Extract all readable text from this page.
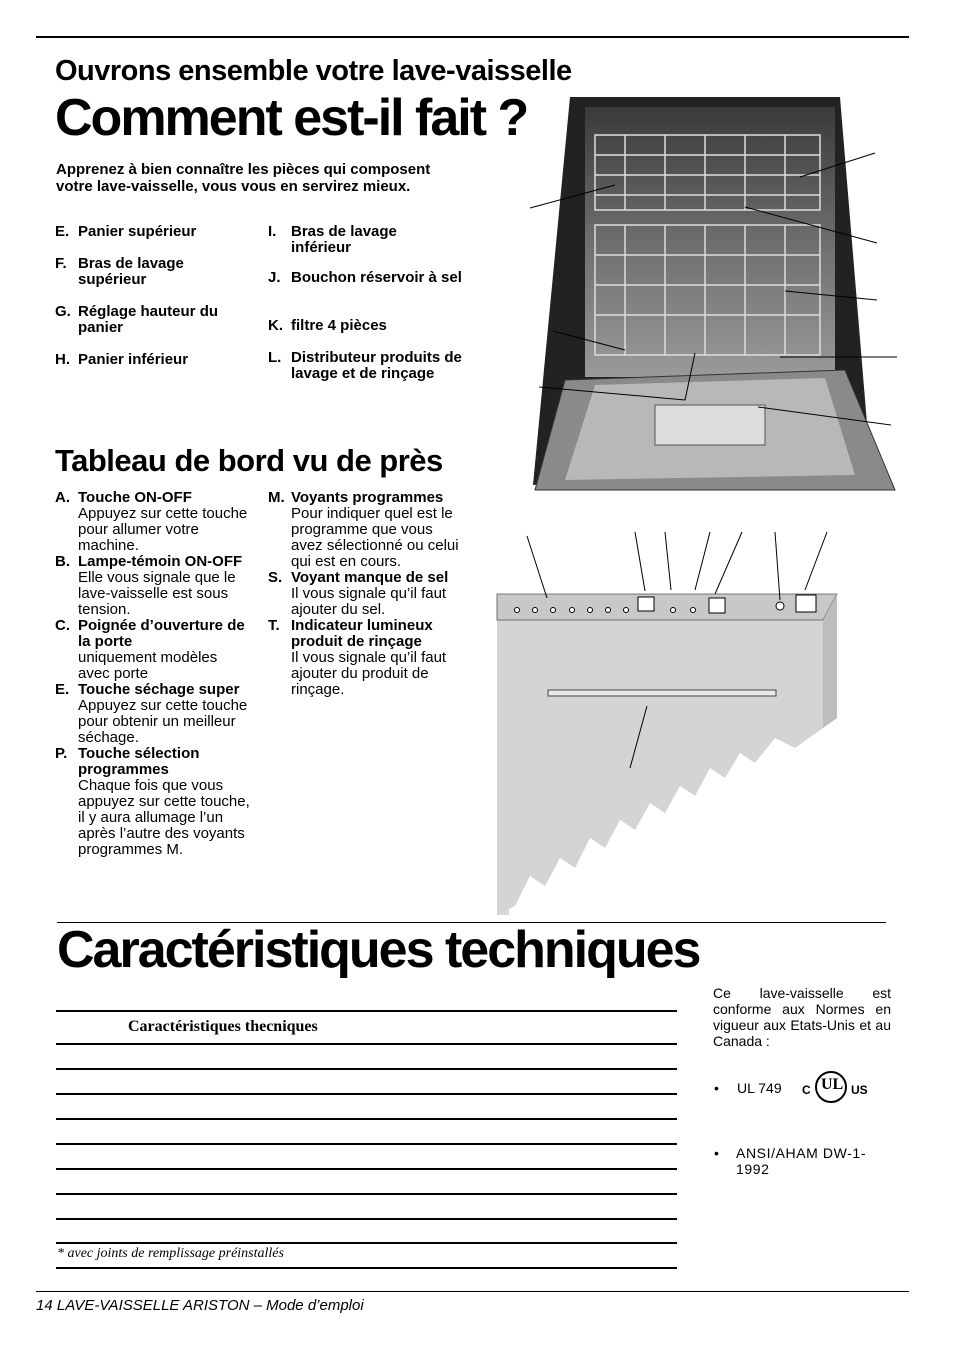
Ouvrons ensemble votre lave-vaisselle
Comment est-il fait ?
Apprenez à bien connaître les pièces qui composent votre lave-vaisselle, vous vous en servirez mieux.
E. Panier supérieur
F. Bras de lavage supérieur
G. Réglage hauteur du panier
H. Panier inférieur
I. Bras de lavage inférieur
J. Bouchon réservoir à sel
K. filtre 4 pièces
L. Distributeur produits de lavage et de rinçage
Tableau de bord vu de près
A. Touche ON-OFF
Appuyez sur cette touche pour allumer votre machine.
B. Lampe-témoin ON-OFF
Elle vous signale que le lave-vaisselle est sous tension.
C. Poignée d’ouverture de la porte
uniquement modèles avec porte
E. Touche séchage super
Appuyez sur cette touche pour obtenir un meilleur séchage.
P. Touche sélection programmes
Chaque fois que vous appuyez sur cette touche, il y aura allumage l’un après l’autre des voyants programmes M.
M. Voyants programmes
Pour indiquer quel est le programme que vous avez sélectionné ou celui qui est en cours.
S. Voyant manque de sel
Il vous signale qu’il faut ajouter du sel.
T. Indicateur lumineux produit de rinçage
Il vous signale qu’il faut ajouter du produit de rinçage.
Caractéristiques techniques
Caractéristiques thecniques
* avec joints de remplissage préinstallés
Ce lave-vaisselle est conforme aux Normes en vigueur aux Etats-Unis et au Canada :
• UL 749 C UL US
• ANSI/AHAM DW-1-1992
14 LAVE-VAISSELLE ARISTON – Mode d’emploi
